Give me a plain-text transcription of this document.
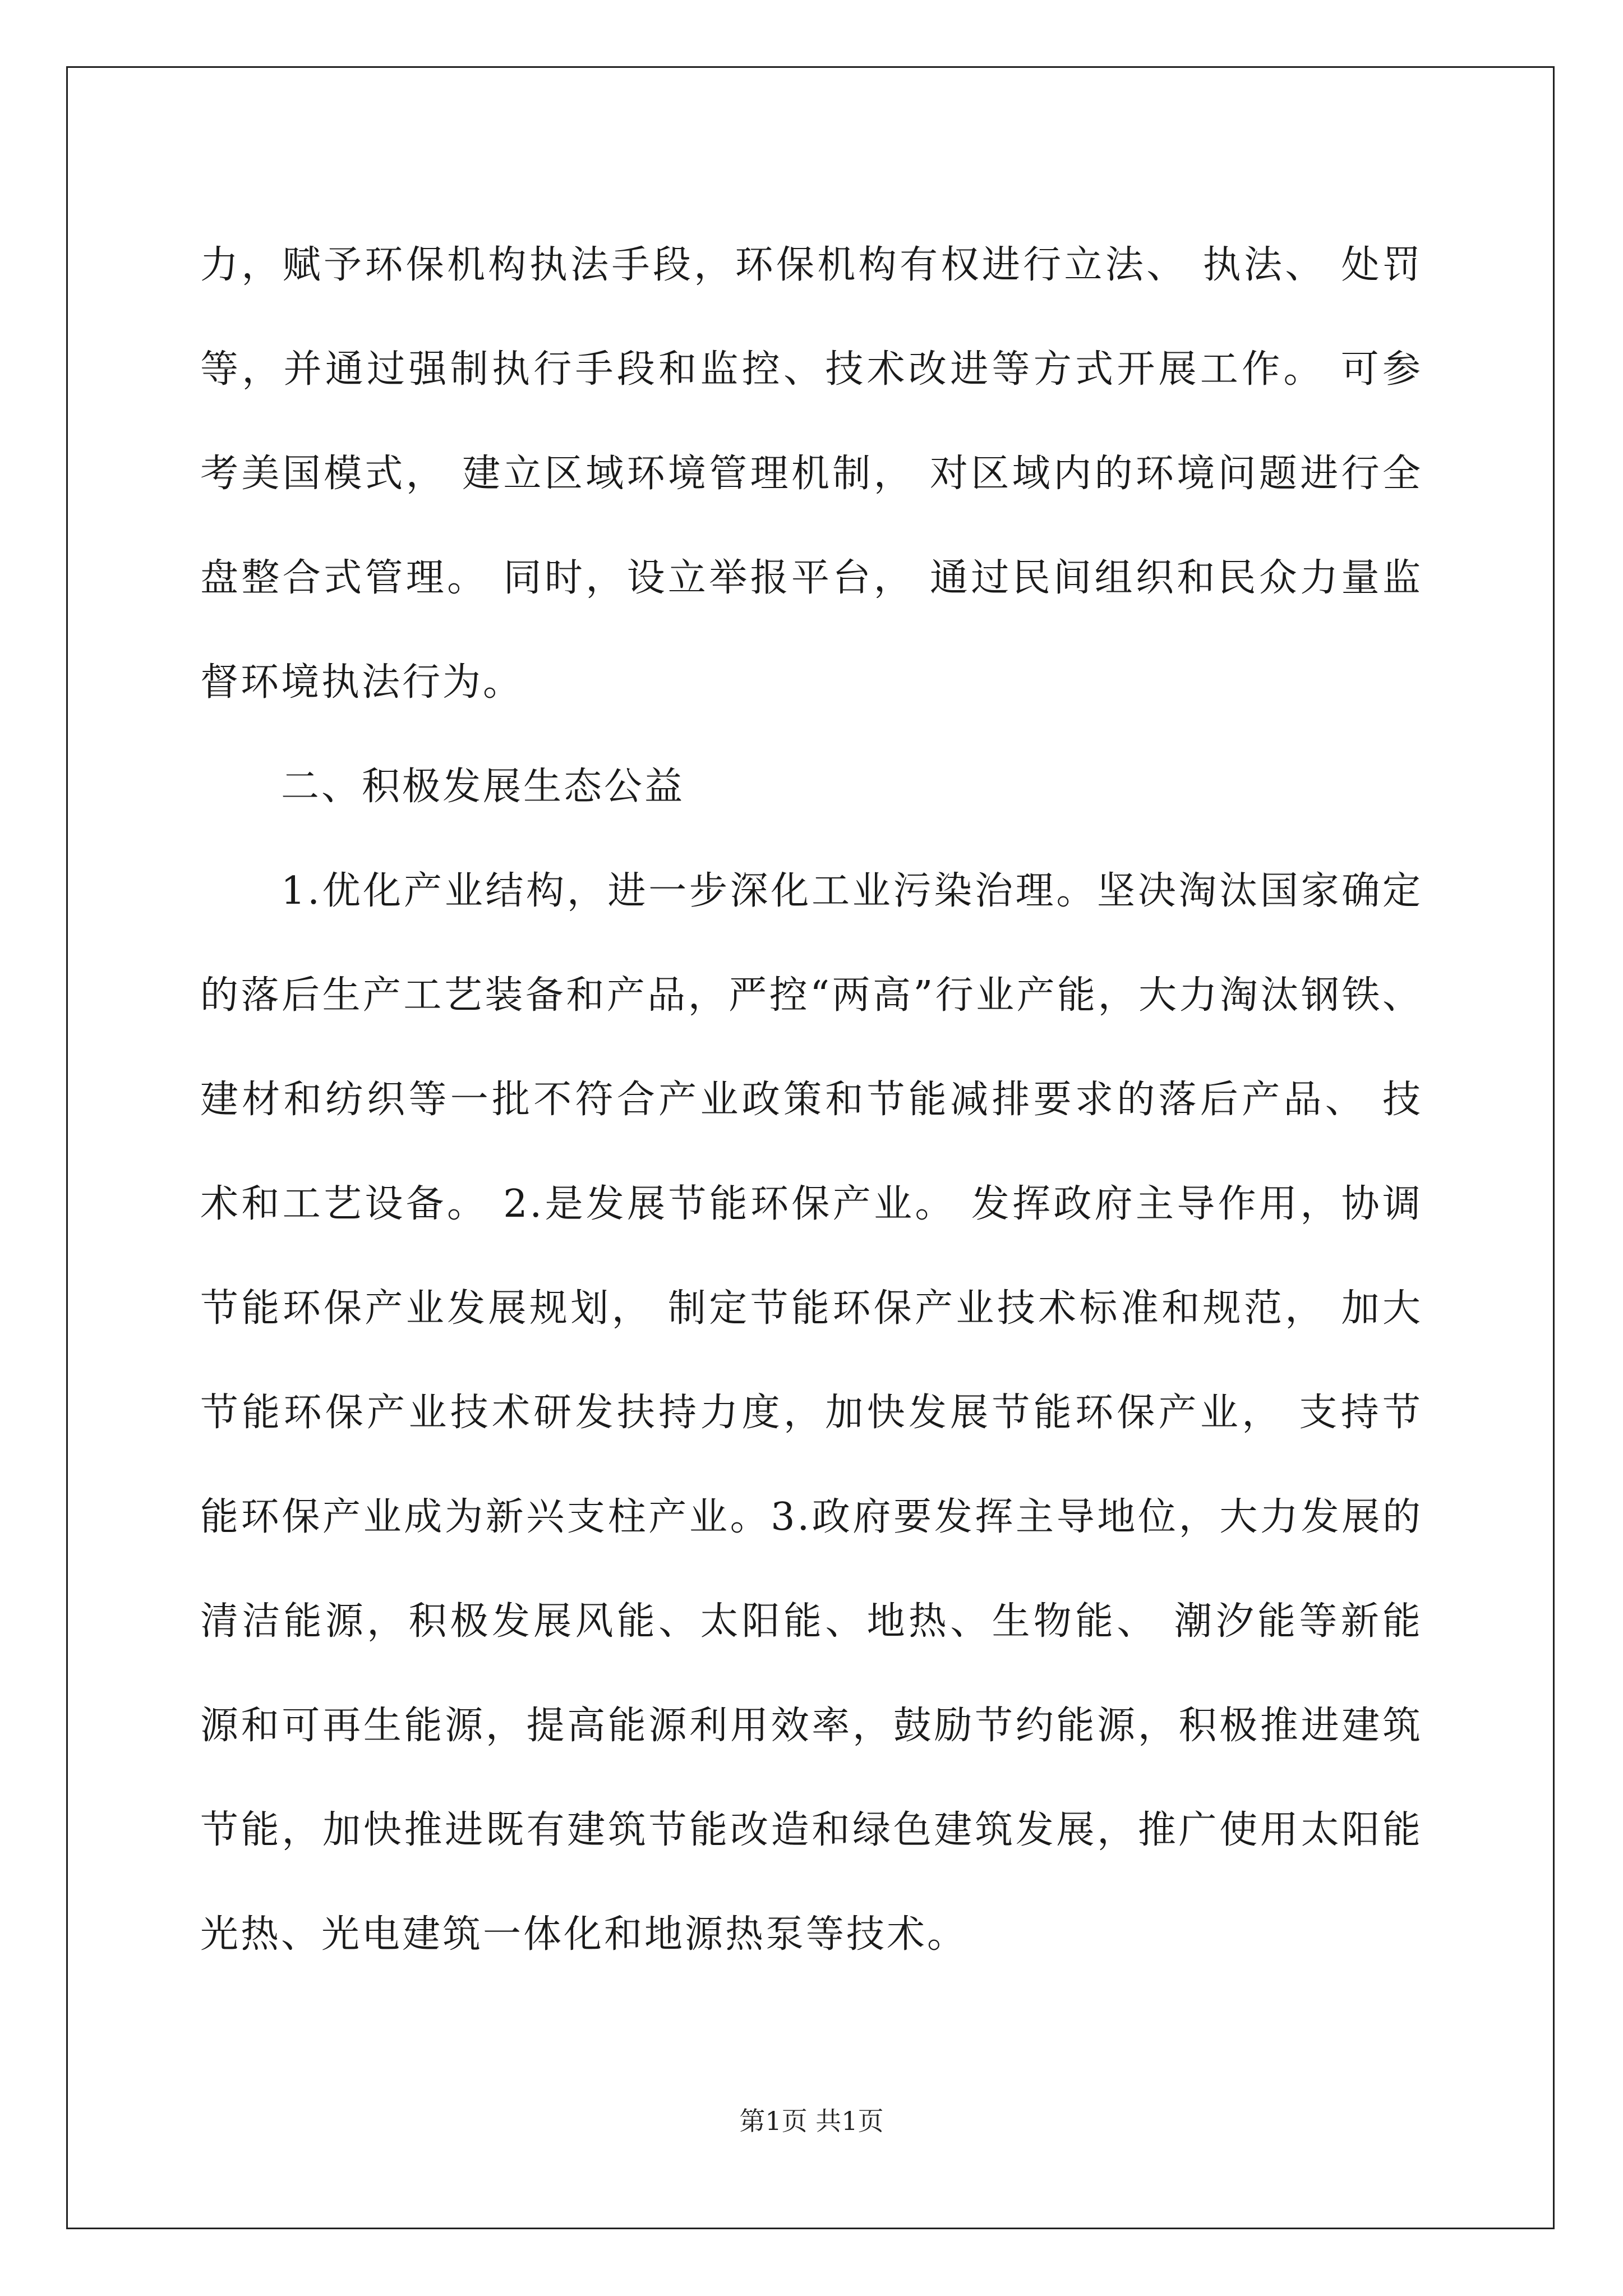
力，赋予环保机构执法手段，环保机构有权进行立法、 执法、 处罚等，并通过强制执行手段和监控、技术改进等方式开展工作。 可参考美国模式， 建立区域环境管理机制， 对区域内的环境问题进行全盘整合式管理。 同时，设立举报平台， 通过民间组织和民众力量监督环境执法行为。

二、积极发展生态公益

1.优化产业结构，进一步深化工业污染治理。坚决淘汰国家确定的落后生产工艺装备和产品，严控“两高”行业产能，大力淘汰钢铁、建材和纺织等一批不符合产业政策和节能减排要求的落后产品、 技术和工艺设备。 2.是发展节能环保产业。 发挥政府主导作用，协调节能环保产业发展规划， 制定节能环保产业技术标准和规范， 加大节能环保产业技术研发扶持力度，加快发展节能环保产业， 支持节能环保产业成为新兴支柱产业。3.政府要发挥主导地位，大力发展的清洁能源，积极发展风能、太阳能、地热、生物能、 潮汐能等新能源和可再生能源，提高能源利用效率，鼓励节约能源，积极推进建筑节能，加快推进既有建筑节能改造和绿色建筑发展，推广使用太阳能光热、光电建筑一体化和地源热泵等技术。

第1页 共1页
